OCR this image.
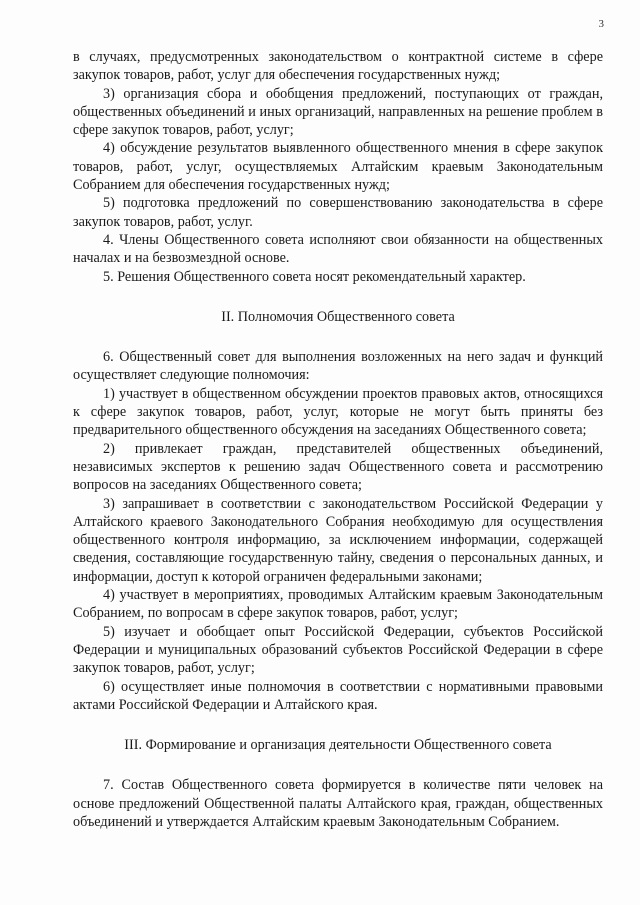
3

в случаях, предусмотренных законодательством о контрактной системе в сфере закупок товаров, работ, услуг для обеспечения государственных нужд;

3) организация сбора и обобщения предложений, поступающих от граждан, общественных объединений и иных организаций, направленных на решение проблем в сфере закупок товаров, работ, услуг;

4) обсуждение результатов выявленного общественного мнения в сфере закупок товаров, работ, услуг, осуществляемых Алтайским краевым Законодательным Собранием для обеспечения государственных нужд;

5) подготовка предложений по совершенствованию законодательства в сфере закупок товаров, работ, услуг.

4. Члены Общественного совета исполняют свои обязанности на общественных началах и на безвозмездной основе.

5. Решения Общественного совета носят рекомендательный характер.

II. Полномочия Общественного совета

6. Общественный совет для выполнения возложенных на него задач и функций осуществляет следующие полномочия:

1) участвует в общественном обсуждении проектов правовых актов, относящихся к сфере закупок товаров, работ, услуг, которые не могут быть приняты без предварительного общественного обсуждения на заседаниях Общественного совета;

2) привлекает граждан, представителей общественных объединений, независимых экспертов к решению задач Общественного совета и рассмотрению вопросов на заседаниях Общественного совета;

3) запрашивает в соответствии с законодательством Российской Федерации у Алтайского краевого Законодательного Собрания необходимую для осуществления общественного контроля информацию, за исключением информации, содержащей сведения, составляющие государственную тайну, сведения о персональных данных, и информации, доступ к которой ограничен федеральными законами;

4) участвует в мероприятиях, проводимых Алтайским краевым Законодательным Собранием, по вопросам в сфере закупок товаров, работ, услуг;

5) изучает и обобщает опыт Российской Федерации, субъектов Российской Федерации и муниципальных образований субъектов Российской Федерации в сфере закупок товаров, работ, услуг;

6) осуществляет иные полномочия в соответствии с нормативными правовыми актами Российской Федерации и Алтайского края.

III. Формирование и организация деятельности Общественного совета

7. Состав Общественного совета формируется в количестве пяти человек на основе предложений Общественной палаты Алтайского края, граждан, общественных объединений и утверждается Алтайским краевым Законодательным Собранием.
